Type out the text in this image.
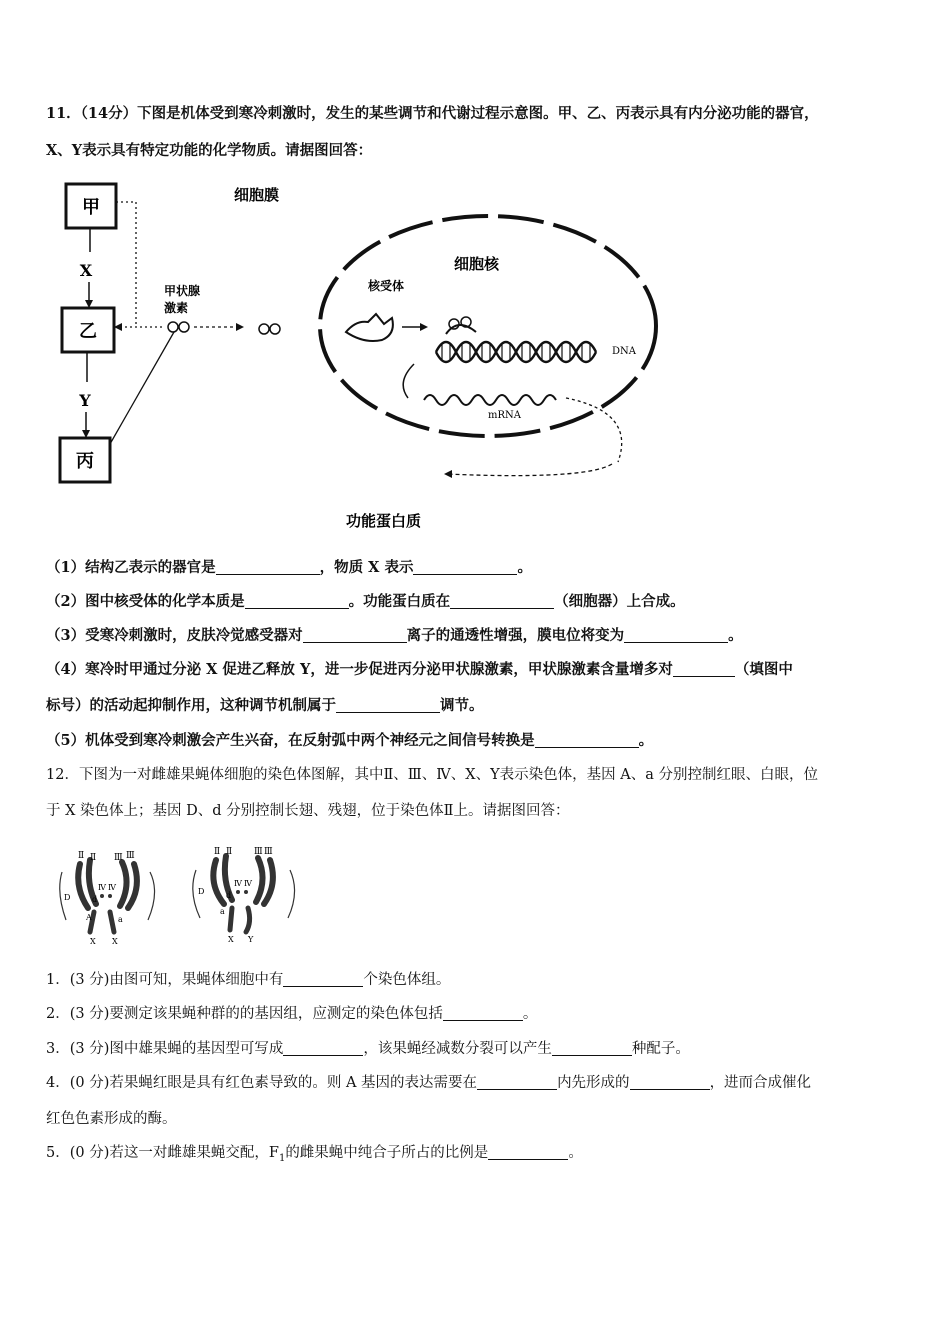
11．（14分）下图是机体受到寒冷刺激时，发生的某些调节和代谢过程示意图。甲、乙、丙表示具有内分泌功能的器官，
X、Y表示具有特定功能的化学物质。请据图回答：
甲
乙
丙
X
Y
甲状腺
激素
细胞膜
细胞核
核受体
DNA
mRNA
功能蛋白质
（1）结构乙表示的器官是	，物质 X 表示	。
（2）图中核受体的化学本质是	。功能蛋白质在	（细胞器）上合成。
（3）受寒冷刺激时，皮肤冷觉感受器对	离子的通透性增强，膜电位将变为	。
（4）寒冷时甲通过分泌 X 促进乙释放 Y，进一步促进丙分泌甲状腺激素，甲状腺激素含量增多对	（填图中
标号）的活动起抑制作用，这种调节机制属于	调节。
（5）机体受到寒冷刺激会产生兴奋，在反射弧中两个神经元之间信号转换是	。
12．下图为一对雌雄果蝇体细胞的染色体图解，其中Ⅱ、Ⅲ、Ⅳ、X、Y表示染色体，基因 A、a 分别控制红眼、白眼，位
于 X 染色体上；基因 D、d 分别控制长翅、残翅，位于染色体Ⅱ上。请据图回答：
Ⅱ Ⅱ Ⅲ Ⅲ
Ⅳ Ⅳ
D	d
A	a
X X
Ⅱ Ⅱ Ⅲ Ⅲ
Ⅳ Ⅳ
D	d
a
X Y
1．(3 分)由图可知，果蝇体细胞中有	个染色体组。
2．(3 分)要测定该果蝇种群的的基因组，应测定的染色体包括	。
3．(3 分)图中雄果蝇的基因型可写成	，该果蝇经减数分裂可以产生	种配子。
4．(0 分)若果蝇红眼是具有红色素导致的。则 A 基因的表达需要在	内先形成的	，进而合成催化
红色色素形成的酶。
5．(0 分)若这一对雌雄果蝇交配，$F_1$的雌果蝇中纯合子所占的比例是	。
